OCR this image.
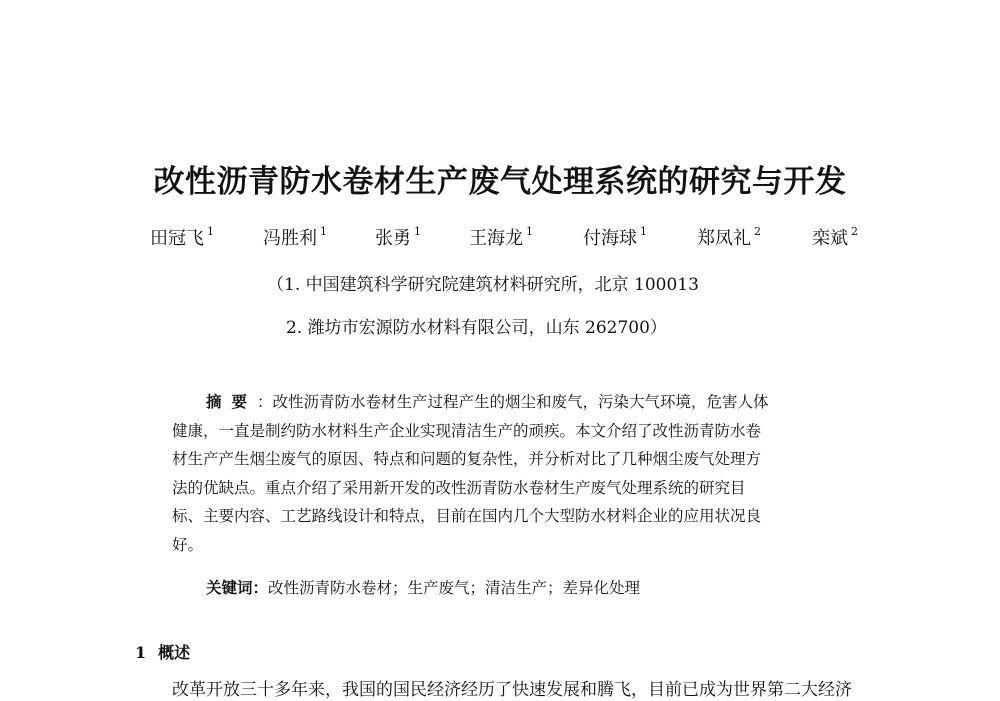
改性沥青防水卷材生产废气处理系统的研究与开发
田冠飞 $^1$	冯胜利 $^1$	张勇 $^1$	王海龙 $^1$	付海球 $^1$	郑凤礼 $^2$	栾斌 $^2$
（1. 中国建筑科学研究院建筑材料研究所，北京 100013
2. 潍坊市宏源防水材料有限公司，山东 262700）
摘要：改性沥青防水卷材生产过程产生的烟尘和废气，污染大气环境，危害人体
健康，一直是制约防水材料生产企业实现清洁生产的顽疾。本文介绍了改性沥青防水卷
材生产产生烟尘废气的原因、特点和问题的复杂性，并分析对比了几种烟尘废气处理方
法的优缺点。重点介绍了采用新开发的改性沥青防水卷材生产废气处理系统的研究目
标、主要内容、工艺路线设计和特点，目前在国内几个大型防水材料企业的应用状况良
好。
关键词：改性沥青防水卷材；生产废气；清洁生产；差异化处理
1 概述
改革开放三十多年来，我国的国民经济经历了快速发展和腾飞，目前已成为世界第二大经济
